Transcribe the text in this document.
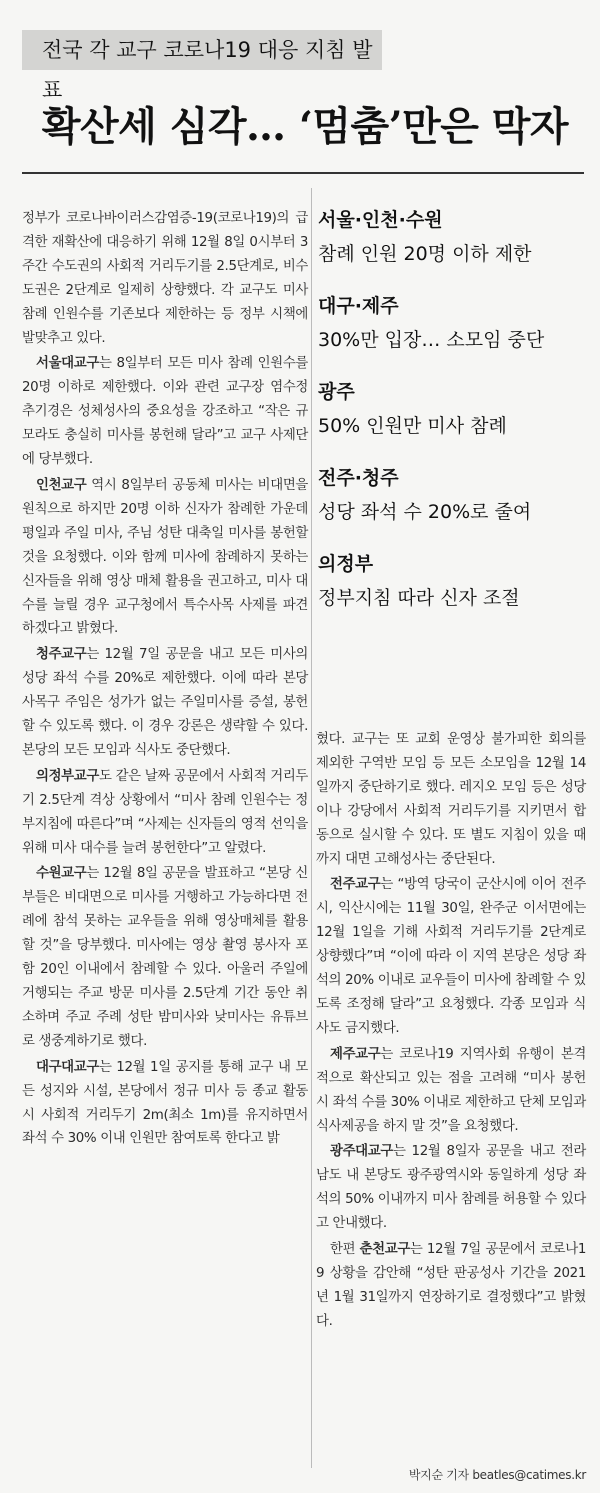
전국 각 교구 코로나19 대응 지침 발표
확산세 심각… ‘멈춤’만은 막자

정부가 코로나바이러스감염증-19(코로나19)의 급격한 재확산에 대응하기 위해 12월 8일 0시부터 3주간 수도권의 사회적 거리두기를 2.5단계로, 비수도권은 2단계로 일제히 상향했다. 각 교구도 미사 참례 인원수를 기존보다 제한하는 등 정부 시책에 발맞추고 있다.

서울대교구는 8일부터 모든 미사 참례 인원수를 20명 이하로 제한했다. 이와 관련 교구장 염수정 추기경은 성체성사의 중요성을 강조하고 “작은 규모라도 충실히 미사를 봉헌해 달라”고 교구 사제단에 당부했다.

인천교구 역시 8일부터 공동체 미사는 비대면을 원칙으로 하지만 20명 이하 신자가 참례한 가운데 평일과 주일 미사, 주님 성탄 대축일 미사를 봉헌할 것을 요청했다. 이와 함께 미사에 참례하지 못하는 신자들을 위해 영상 매체 활용을 권고하고, 미사 대수를 늘릴 경우 교구청에서 특수사목 사제를 파견하겠다고 밝혔다.

청주교구는 12월 7일 공문을 내고 모든 미사의 성당 좌석 수를 20%로 제한했다. 이에 따라 본당 사목구 주임은 성가가 없는 주일미사를 증설, 봉헌할 수 있도록 했다. 이 경우 강론은 생략할 수 있다. 본당의 모든 모임과 식사도 중단했다.

의정부교구도 같은 날짜 공문에서 사회적 거리두기 2.5단계 격상 상황에서 “미사 참례 인원수는 정부지침에 따른다”며 “사제는 신자들의 영적 선익을 위해 미사 대수를 늘려 봉헌한다”고 알렸다.

수원교구는 12월 8일 공문을 발표하고 “본당 신부들은 비대면으로 미사를 거행하고 가능하다면 전례에 참석 못하는 교우들을 위해 영상매체를 활용할 것”을 당부했다. 미사에는 영상 촬영 봉사자 포함 20인 이내에서 참례할 수 있다. 아울러 주일에 거행되는 주교 방문 미사를 2.5단계 기간 동안 취소하며 주교 주례 성탄 밤미사와 낮미사는 유튜브로 생중계하기로 했다.

대구대교구는 12월 1일 공지를 통해 교구 내 모든 성지와 시설, 본당에서 정규 미사 등 종교 활동 시 사회적 거리두기 2m(최소 1m)를 유지하면서 좌석 수 30% 이내 인원만 참여토록 한다고 밝

서울·인천·수원
참례 인원 20명 이하 제한
대구·제주
30%만 입장… 소모임 중단
광주
50% 인원만 미사 참례
전주·청주
성당 좌석 수 20%로 줄여
의정부
정부지침 따라 신자 조절

혔다. 교구는 또 교회 운영상 불가피한 회의를 제외한 구역반 모임 등 모든 소모임을 12월 14일까지 중단하기로 했다. 레지오 모임 등은 성당이나 강당에서 사회적 거리두기를 지키면서 합동으로 실시할 수 있다. 또 별도 지침이 있을 때까지 대면 고해성사는 중단된다.

전주교구는 “방역 당국이 군산시에 이어 전주시, 익산시에는 11월 30일, 완주군 이서면에는 12월 1일을 기해 사회적 거리두기를 2단계로 상향했다”며 “이에 따라 이 지역 본당은 성당 좌석의 20% 이내로 교우들이 미사에 참례할 수 있도록 조정해 달라”고 요청했다. 각종 모임과 식사도 금지했다.

제주교구는 코로나19 지역사회 유행이 본격적으로 확산되고 있는 점을 고려해 “미사 봉헌 시 좌석 수를 30% 이내로 제한하고 단체 모임과 식사제공을 하지 말 것”을 요청했다.

광주대교구는 12월 8일자 공문을 내고 전라남도 내 본당도 광주광역시와 동일하게 성당 좌석의 50% 이내까지 미사 참례를 허용할 수 있다고 안내했다.

한편 춘천교구는 12월 7일 공문에서 코로나19 상황을 감안해 “성탄 판공성사 기간을 2021년 1월 31일까지 연장하기로 결정했다”고 밝혔다.

박지순 기자 beatles@catimes.kr
